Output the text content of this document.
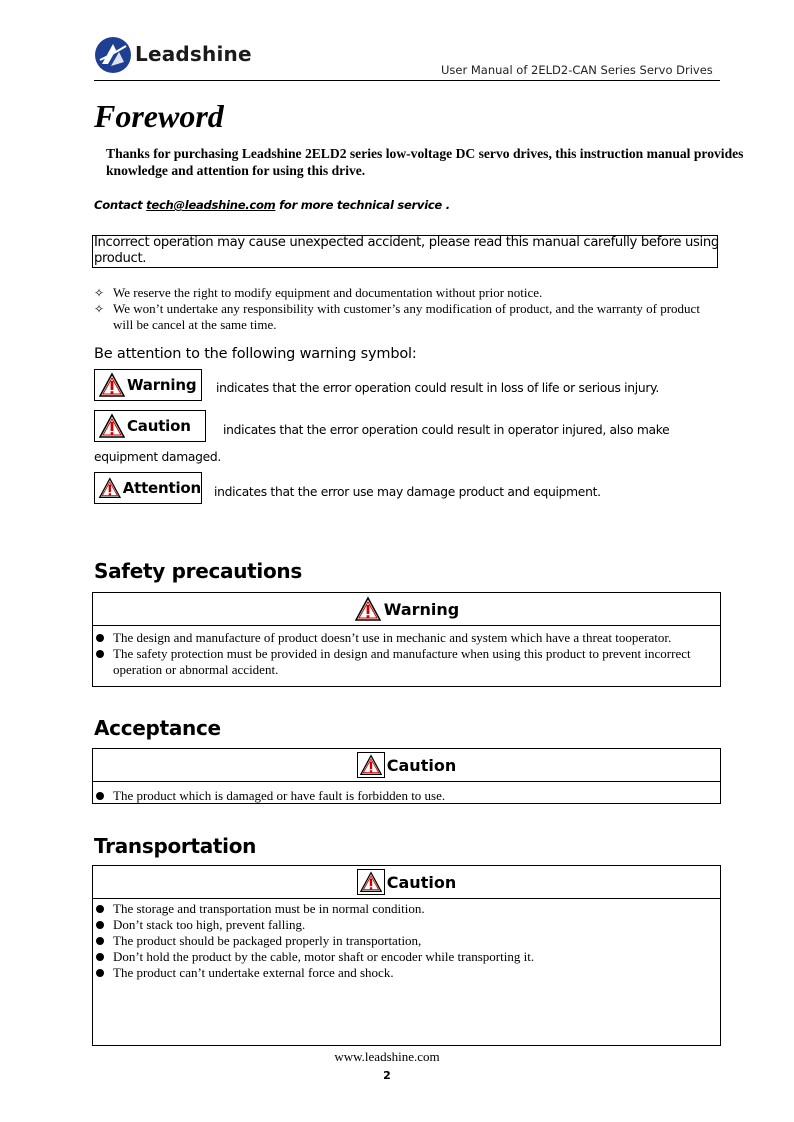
Leadshine
User Manual of 2ELD2-CAN Series Servo Drives
Foreword
Thanks for purchasing Leadshine 2ELD2 series low-voltage DC servo drives, this instruction manual provides knowledge and attention for using this drive.
Contact tech@leadshine.com for more technical service .
Incorrect operation may cause unexpected accident, please read this manual carefully before using product.
✧ We reserve the right to modify equipment and documentation without prior notice.
✧ We won’t undertake any responsibility with customer’s any modification of product, and the warranty of product will be cancel at the same time.
Be attention to the following warning symbol:
Warning indicates that the error operation could result in loss of life or serious injury.
Caution	indicates that the error operation could result in operator injured, also make
equipment damaged.
Attention indicates that the error use may damage product and equipment.
Safety precautions
Warning
The design and manufacture of product doesn’t use in mechanic and system which have a threat tooperator.
The safety protection must be provided in design and manufacture when using this product to prevent incorrect operation or abnormal accident.
Acceptance
Caution
The product which is damaged or have fault is forbidden to use.
Transportation
Caution
The storage and transportation must be in normal condition.
Don’t stack too high, prevent falling.
The product should be packaged properly in transportation,
Don’t hold the product by the cable, motor shaft or encoder while transporting it.
The product can’t undertake external force and shock.
www.leadshine.com
2
